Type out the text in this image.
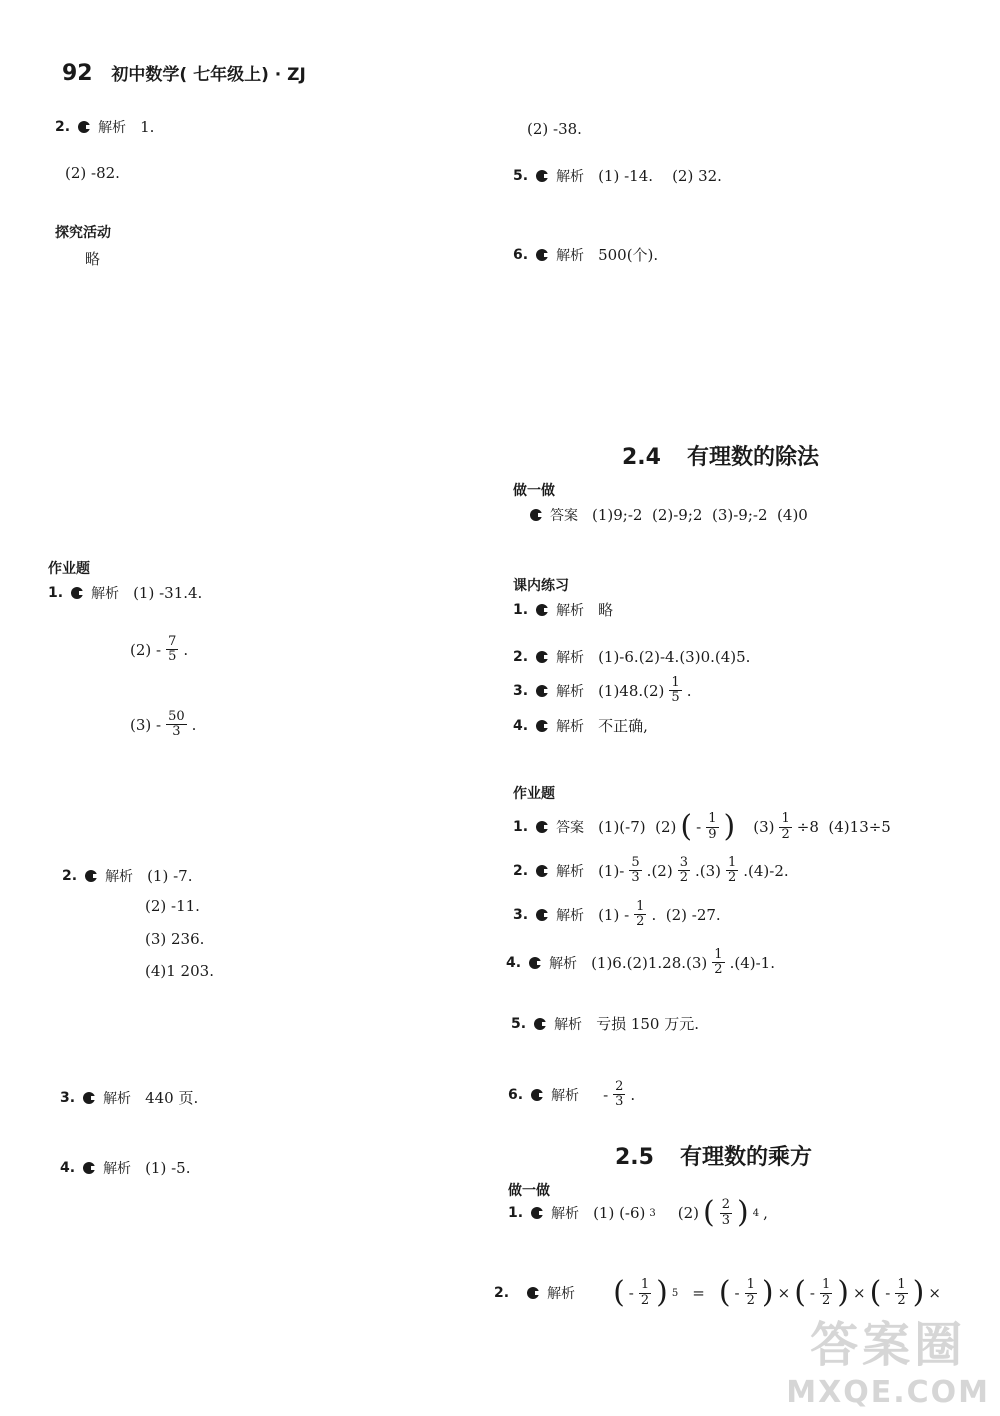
92 初中数学( 七年级上) · ZJ
2. 解析 1.
(2) -82.
探究活动
略
作业题
1. 解析 (1) -31.4.
$(2) - \frac{7}{5}$ .
$(3) - \frac{50}{3}$ .
2. 解析 (1) -7.
(2) -11.
(3) 236.
(4)1 203.
3. 解析 440 页.
4. 解析 (1) -5.
(2) -38.
5. 解析 (1) -14.    (2) 32.
6. 解析 500(个).
2.4 有理数的除法
做一做
答案 (1)9;-2  (2)-9;2  (3)-9;-2  (4)0
课内练习
1. 解析 略
2. 解析 (1)-6.(2)-4.(3)0.(4)5.
3. 解析 $(1)48.(2) \frac{1}{5}$ .
4. 解析 不正确,
作业题
1. 答案 (1)(-7)  (2) ( - $\frac{1}{9}$ ) $(3) \frac{1}{2} \div 8$  (4)13÷5
2. 解析 $(1)- \frac{5}{3} .(2) \frac{3}{2} .(3) \frac{1}{2} .(4)-2$.
3. 解析 $(1) - \frac{1}{2}$ .  (2) -27.
4. 解析 $(1)6.(2)1.28.(3) \frac{1}{2} .(4)-1$.
5. 解析 亏损 150 万元.
6. 解析 - $\frac{2}{3}$ .
2.5 有理数的乘方
做一做
1. 解析 (1) (-6) 3 (2) ( $\frac{2}{3}$ ) 4 ,
2.	解析 ( - $\frac{1}{2}$ ) 5 = ( - $\frac{1}{2}$ ) × ( - $\frac{1}{2}$ ) × ( - $\frac{1}{2}$ ) ×
答案圈
MXQE.COM
